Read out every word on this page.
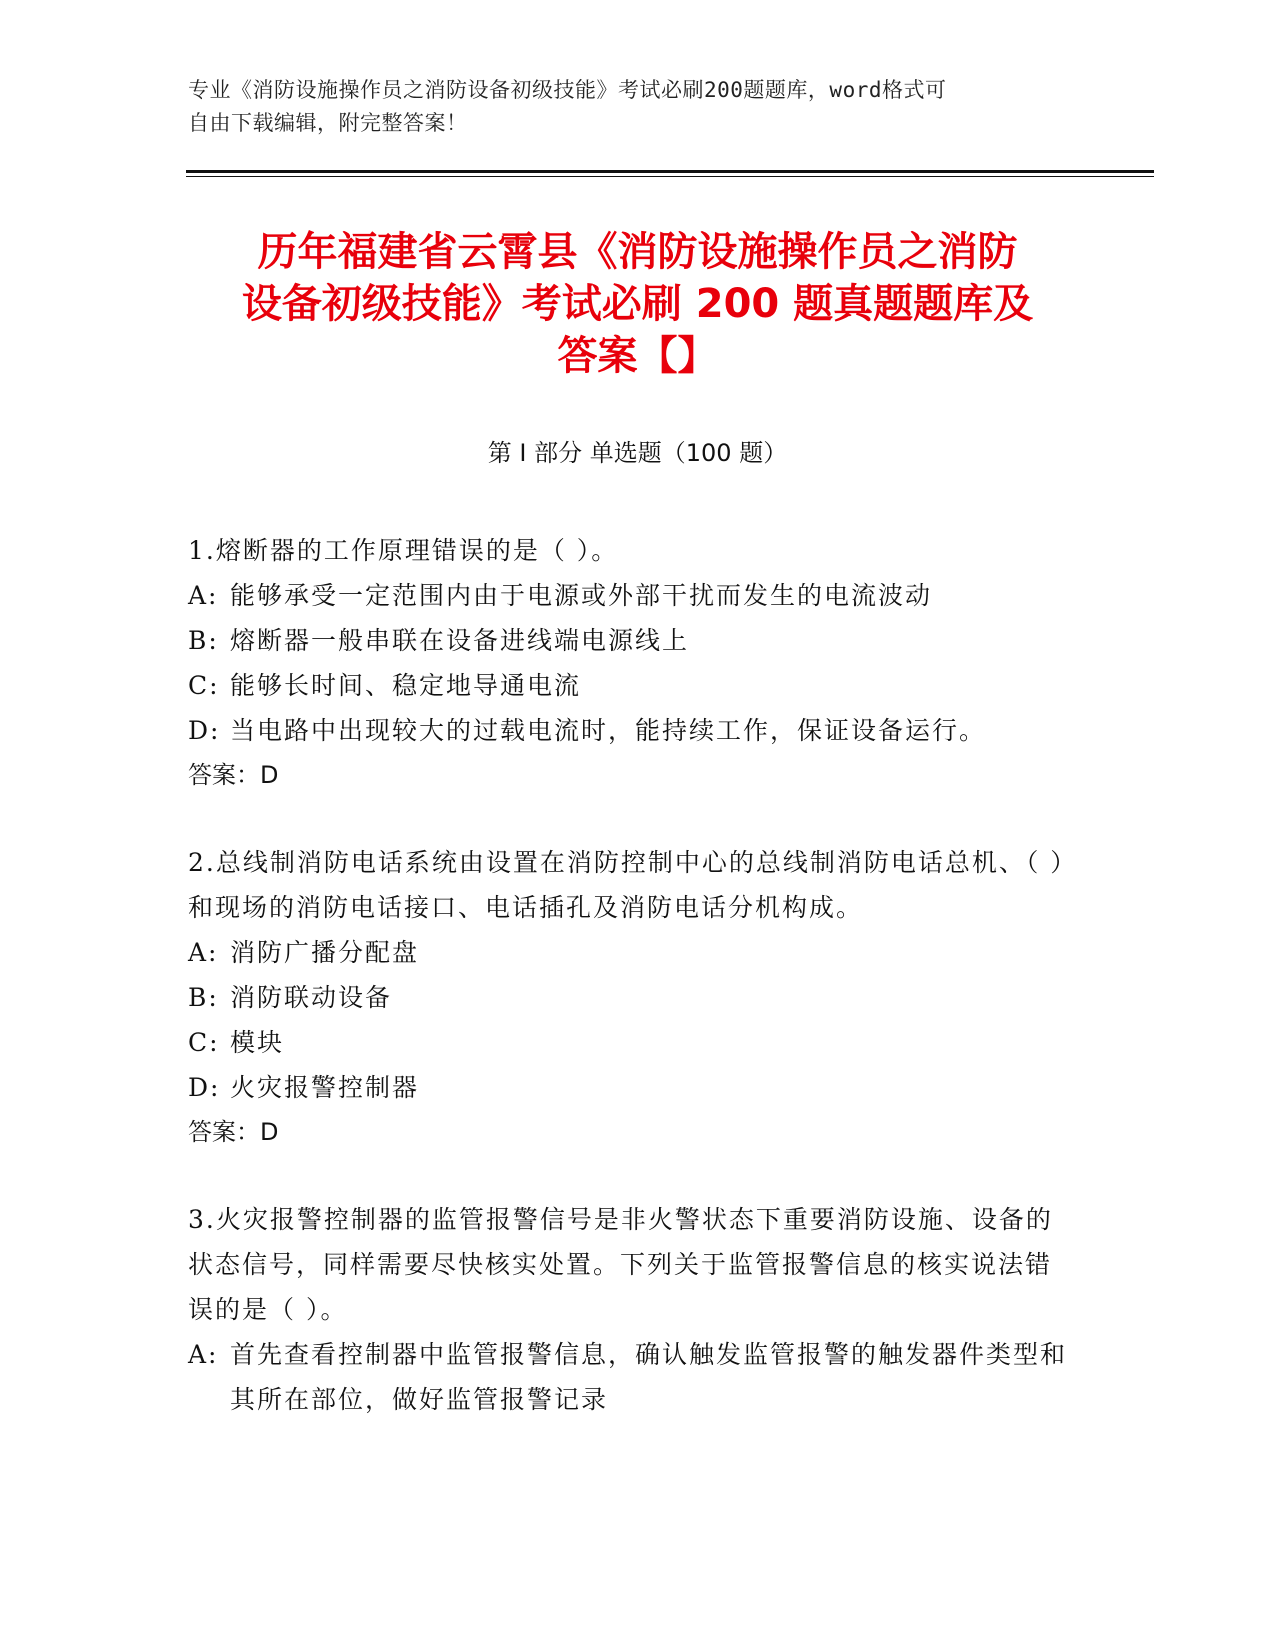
专业《消防设施操作员之消防设备初级技能》考试必刷200题题库，word格式可
自由下载编辑，附完整答案！
历年福建省云霄县《消防设施操作员之消防
设备初级技能》考试必刷 200 题真题题库及
答案【】
第 I 部分 单选题（100 题）
1.熔断器的工作原理错误的是（ ）。
A: 能够承受一定范围内由于电源或外部干扰而发生的电流波动
B: 熔断器一般串联在设备进线端电源线上
C: 能够长时间、稳定地导通电流
D: 当电路中出现较大的过载电流时，能持续工作，保证设备运行。
答案：D
2.总线制消防电话系统由设置在消防控制中心的总线制消防电话总机、（ ）和现场的消防电话接口、电话插孔及消防电话分机构成。
A: 消防广播分配盘
B: 消防联动设备
C: 模块
D: 火灾报警控制器
答案：D
3.火灾报警控制器的监管报警信号是非火警状态下重要消防设施、设备的状态信号，同样需要尽快核实处置。下列关于监管报警信息的核实说法错误的是（ ）。
A: 首先查看控制器中监管报警信息，确认触发监管报警的触发器件类型和其所在部位，做好监管报警记录
